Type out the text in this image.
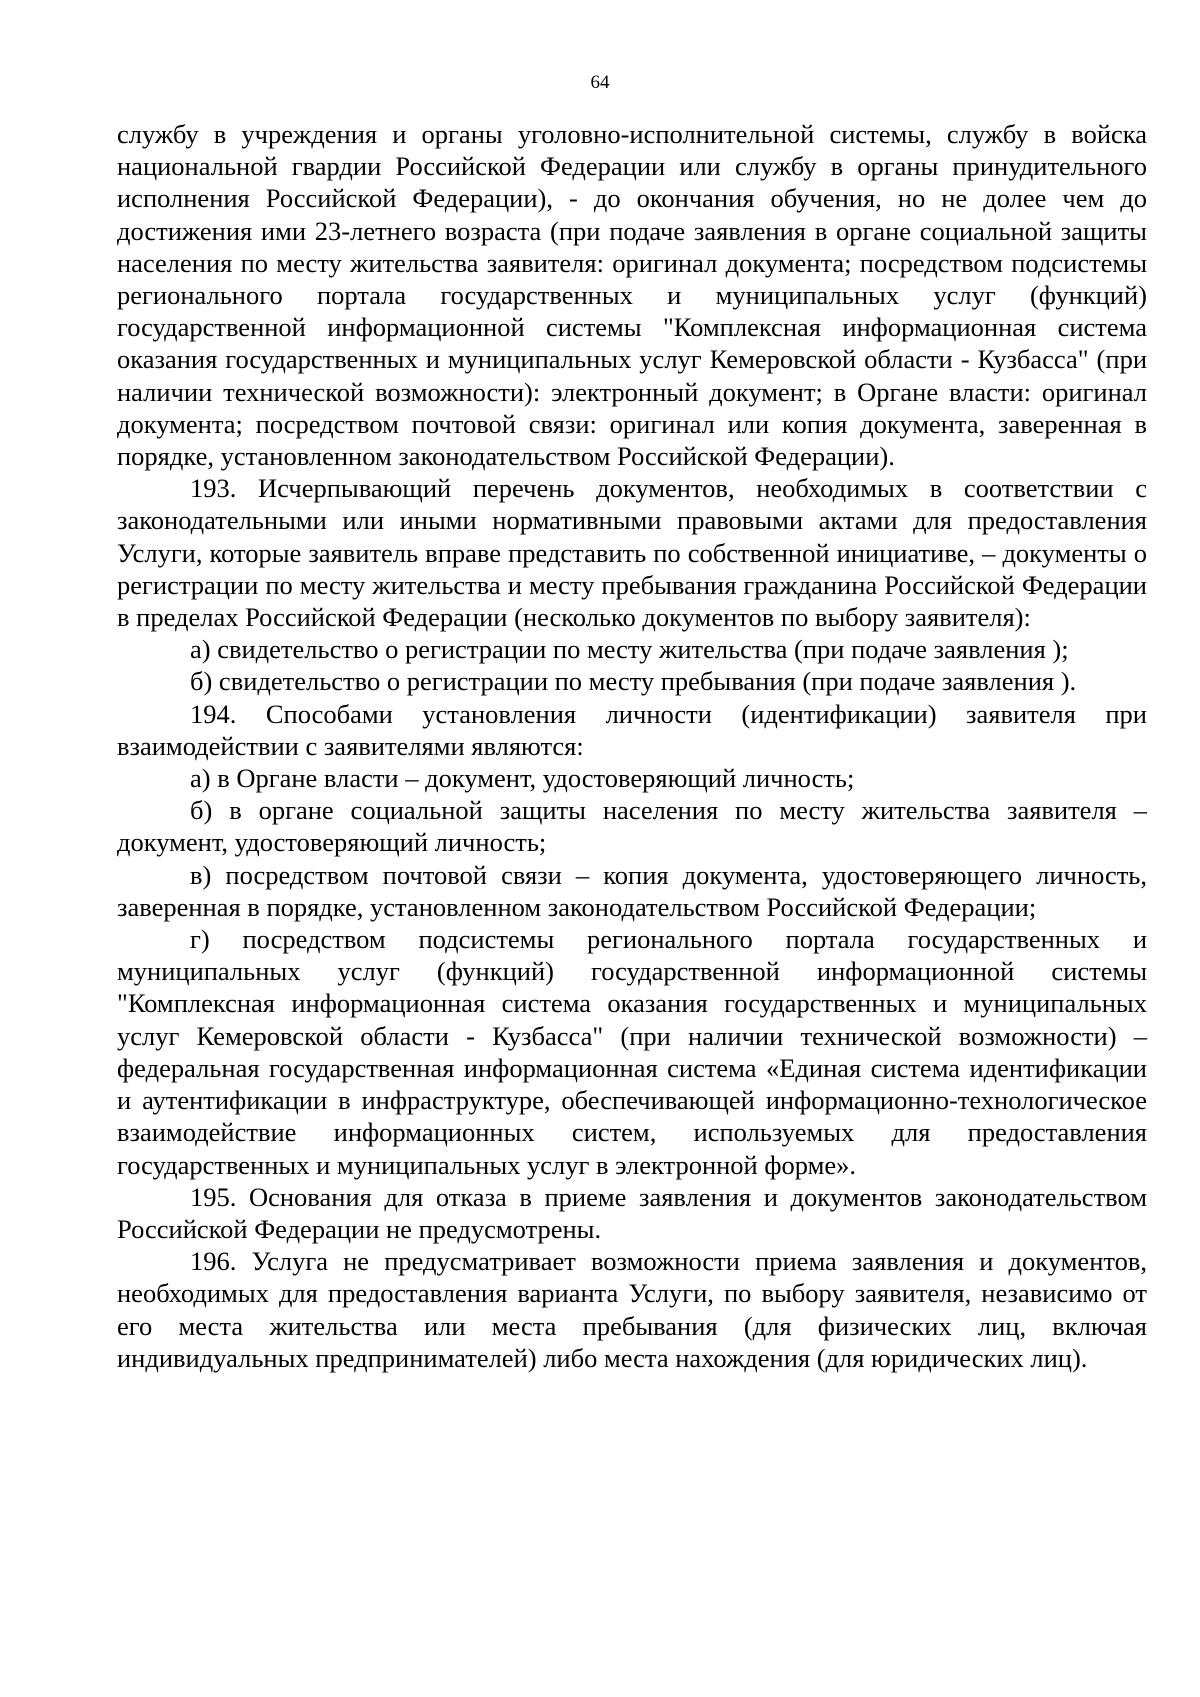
64

службу в учреждения и органы уголовно-исполнительной системы, службу в войска национальной гвардии Российской Федерации или службу в органы принудительного исполнения Российской Федерации), - до окончания обучения, но не долее чем до достижения ими 23-летнего возраста (при подаче заявления в органе социальной защиты населения по месту жительства заявителя: оригинал документа; посредством подсистемы регионального портала государственных и муниципальных услуг (функций) государственной информационной системы "Комплексная информационная система оказания государственных и муниципальных услуг Кемеровской области - Кузбасса" (при наличии технической возможности): электронный документ; в Органе власти: оригинал документа; посредством почтовой связи: оригинал или копия документа, заверенная в порядке, установленном законодательством Российской Федерации).

193. Исчерпывающий перечень документов, необходимых в соответствии с законодательными или иными нормативными правовыми актами для предоставления Услуги, которые заявитель вправе представить по собственной инициативе, – документы о регистрации по месту жительства и месту пребывания гражданина Российской Федерации в пределах Российской Федерации (несколько документов по выбору заявителя):

а) свидетельство о регистрации по месту жительства (при подаче заявления );

б) свидетельство о регистрации по месту пребывания (при подаче заявления ).

194. Способами установления личности (идентификации) заявителя при взаимодействии с заявителями являются:

а) в Органе власти – документ, удостоверяющий личность;

б) в органе социальной защиты населения по месту жительства заявителя – документ, удостоверяющий личность;

в) посредством почтовой связи – копия документа, удостоверяющего личность, заверенная в порядке, установленном законодательством Российской Федерации;

г) посредством подсистемы регионального портала государственных и муниципальных услуг (функций) государственной информационной системы "Комплексная информационная система оказания государственных и муниципальных услуг Кемеровской области - Кузбасса" (при наличии технической возможности) – федеральная государственная информационная система «Единая система идентификации и аутентификации в инфраструктуре, обеспечивающей информационно-технологическое взаимодействие информационных систем, используемых для предоставления государственных и муниципальных услуг в электронной форме».

195. Основания для отказа в приеме заявления и документов законодательством Российской Федерации не предусмотрены.

196. Услуга не предусматривает возможности приема заявления и документов, необходимых для предоставления варианта Услуги, по выбору заявителя, независимо от его места жительства или места пребывания (для физических лиц, включая индивидуальных предпринимателей) либо места нахождения (для юридических лиц).
